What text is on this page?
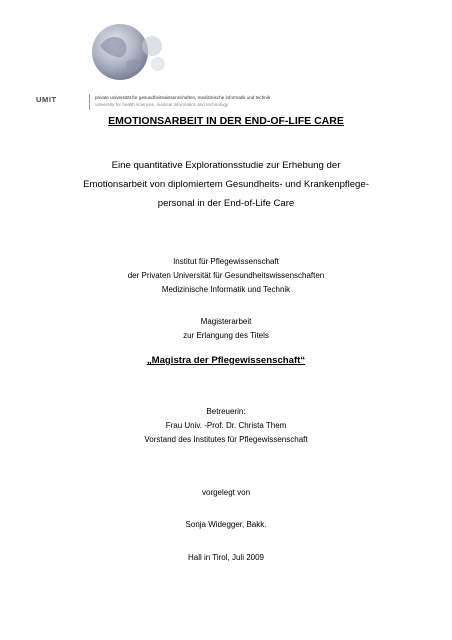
UMIT	private universität für gesundheitswissenschaften, medizinische informatik und technik
university for health sciences, medical informatics and technology
EMOTIONSARBEIT IN DER END-OF-LIFE CARE
Eine quantitative Explorationsstudie zur Erhebung der
Emotionsarbeit von diplomiertem Gesundheits- und Krankenpflege-
personal in der End-of-Life Care
Institut für Pflegewissenschaft
der Privaten Universität für Gesundheitswissenschaften
Medizinische Informatik und Technik
Magisterarbeit
zur Erlangung des Titels
„Magistra der Pflegewissenschaft“
Betreuerin:
Frau Univ. -Prof. Dr. Christa Them
Vorstand des Institutes für Pflegewissenschaft
vorgelegt von
Sonja Widegger, Bakk.
Hall in Tirol, Juli 2009
